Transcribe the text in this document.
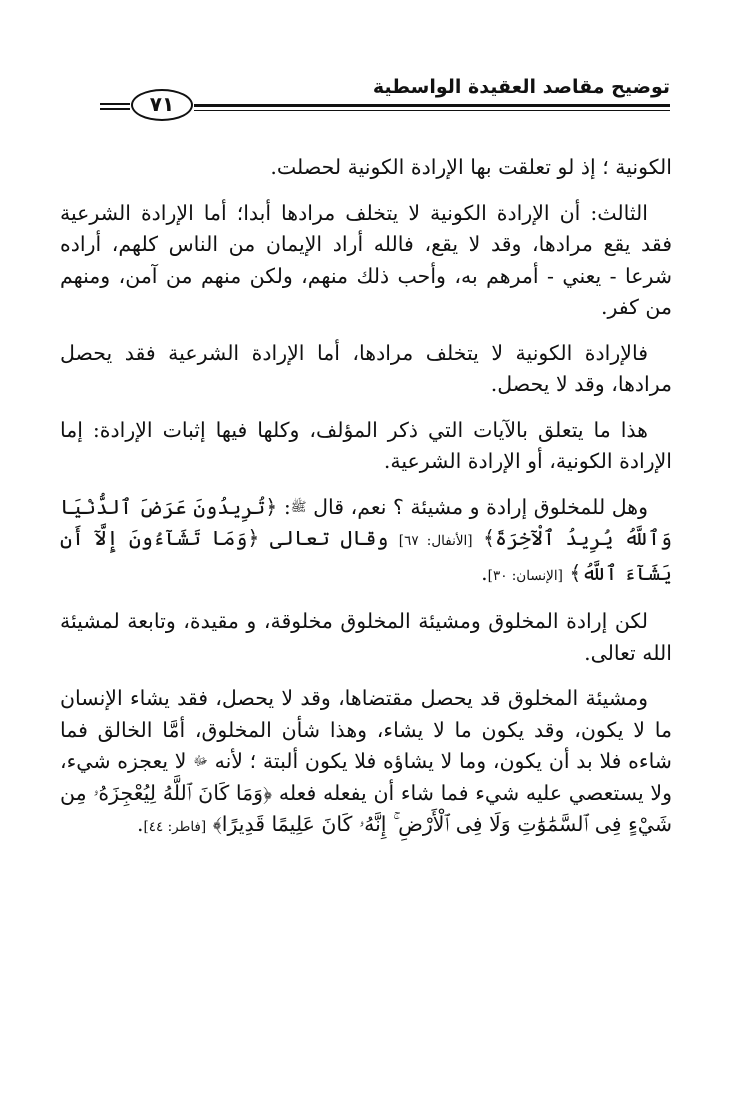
توضيح مقاصد العقيدة الواسطية
٧١

الكونية ؛ إذ لو تعلقت بها الإرادة الكونية لحصلت.

الثالث: أن الإرادة الكونية لا يتخلف مرادها أبدا؛ أما الإرادة الشرعية فقد يقع مرادها، وقد لا يقع، فالله أراد الإيمان من الناس كلهم، أراده شرعا - يعني - أمرهم به، وأحب ذلك منهم، ولكن منهم من آمن، ومنهم من كفر.

فالإرادة الكونية لا يتخلف مرادها، أما الإرادة الشرعية فقد يحصل مرادها، وقد لا يحصل.

هذا ما يتعلق بالآيات التي ذكر المؤلف، وكلها فيها إثبات الإرادة: إما الإرادة الكونية، أو الإرادة الشرعية.

وهل للمخلوق إرادة و مشيئة ؟ نعم، قال ﷺ: ﴿تُرِيدُونَ عَرَضَ ٱلدُّنْيَا وَٱللَّهُ يُرِيدُ ٱلْآخِرَةَ﴾ [الأنفال: ٦٧] وقال تعالى ﴿وَمَا تَشَآءُونَ إِلَّآ أَن يَشَآءَ ٱللَّهُ﴾ [الإنسان: ٣٠].

لكن إرادة المخلوق ومشيئة المخلوق مخلوقة، و مقيدة، وتابعة لمشيئة الله تعالى.

ومشيئة المخلوق قد يحصل مقتضاها، وقد لا يحصل، فقد يشاء الإنسان ما لا يكون، وقد يكون ما لا يشاء، وهذا شأن المخلوق، أمَّا الخالق فما شاءه فلا بد أن يكون، وما لا يشاؤه فلا يكون ألبتة ؛ لأنه ﷻ لا يعجزه شيء، ولا يستعصي عليه شيء فما شاء أن يفعله فعله ﴿وَمَا كَانَ ٱللَّهُ لِيُعْجِزَهُۥ مِن شَيْءٍ فِى ٱلسَّمَٰوَٰتِ وَلَا فِى ٱلْأَرْضِ ۚ إِنَّهُۥ كَانَ عَلِيمًا قَدِيرًا﴾ [فاطر: ٤٤].
